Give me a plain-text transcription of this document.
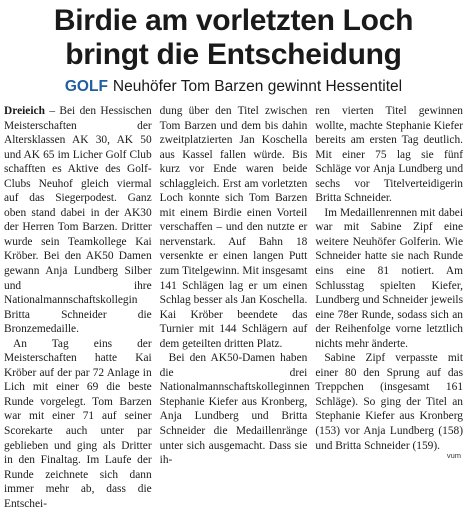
Birdie am vorletzten Loch
bringt die Entscheidung
GOLF Neuhöfer Tom Barzen gewinnt Hessentitel

Dreieich – Bei den Hessischen Meisterschaften der Altersklassen AK 30, AK 50 und AK 65 im Licher Golf Club schafften es Aktive des Golf-Clubs Neuhof gleich viermal auf das Siegerpodest. Ganz oben stand dabei in der AK30 der Herren Tom Barzen. Dritter wurde sein Teamkollege Kai Kröber. Bei den AK50 Damen gewann Anja Lundberg Silber und ihre Nationalmannschaftskollegin Britta Schneider die Bronzemedaille.

An Tag eins der Meisterschaften hatte Kai Kröber auf der par 72 Anlage in Lich mit einer 69 die beste Runde vorgelegt. Tom Barzen war mit einer 71 auf seiner Scorekarte auch unter par geblieben und ging als Dritter in den Finaltag. Im Laufe der Runde zeichnete sich dann immer mehr ab, dass die Entschei-

dung über den Titel zwischen Tom Barzen und dem bis dahin zweitplatzierten Jan Koschella aus Kassel fallen würde. Bis kurz vor Ende waren beide schlaggleich. Erst am vorletzten Loch konnte sich Tom Barzen mit einem Birdie einen Vorteil verschaffen – und den nutzte er nervenstark. Auf Bahn 18 versenkte er einen langen Putt zum Titelgewinn. Mit insgesamt 141 Schlägen lag er um einen Schlag besser als Jan Koschella. Kai Kröber beendete das Turnier mit 144 Schlägern auf dem geteilten dritten Platz.

Bei den AK50-Damen haben die drei Nationalmannschaftskolleginnen Stephanie Kiefer aus Kronberg, Anja Lundberg und Britta Schneider die Medaillenränge unter sich ausgemacht. Dass sie ih-

ren vierten Titel gewinnen wollte, machte Stephanie Kiefer bereits am ersten Tag deutlich. Mit einer 75 lag sie fünf Schläge vor Anja Lundberg und sechs vor Titelverteidigerin Britta Schneider.

Im Medaillenrennen mit dabei war mit Sabine Zipf eine weitere Neuhöfer Golferin. Wie Schneider hatte sie nach Runde eins eine 81 notiert. Am Schlusstag spielten Kiefer, Lundberg und Schneider jeweils eine 78er Runde, sodass sich an der Reihenfolge vorne letztlich nichts mehr änderte.

Sabine Zipf verpasste mit einer 80 den Sprung auf das Treppchen (insgesamt 161 Schläge). So ging der Titel an Stephanie Kiefer aus Kronberg (153) vor Anja Lundberg (158) und Britta Schneider (159).

vum
